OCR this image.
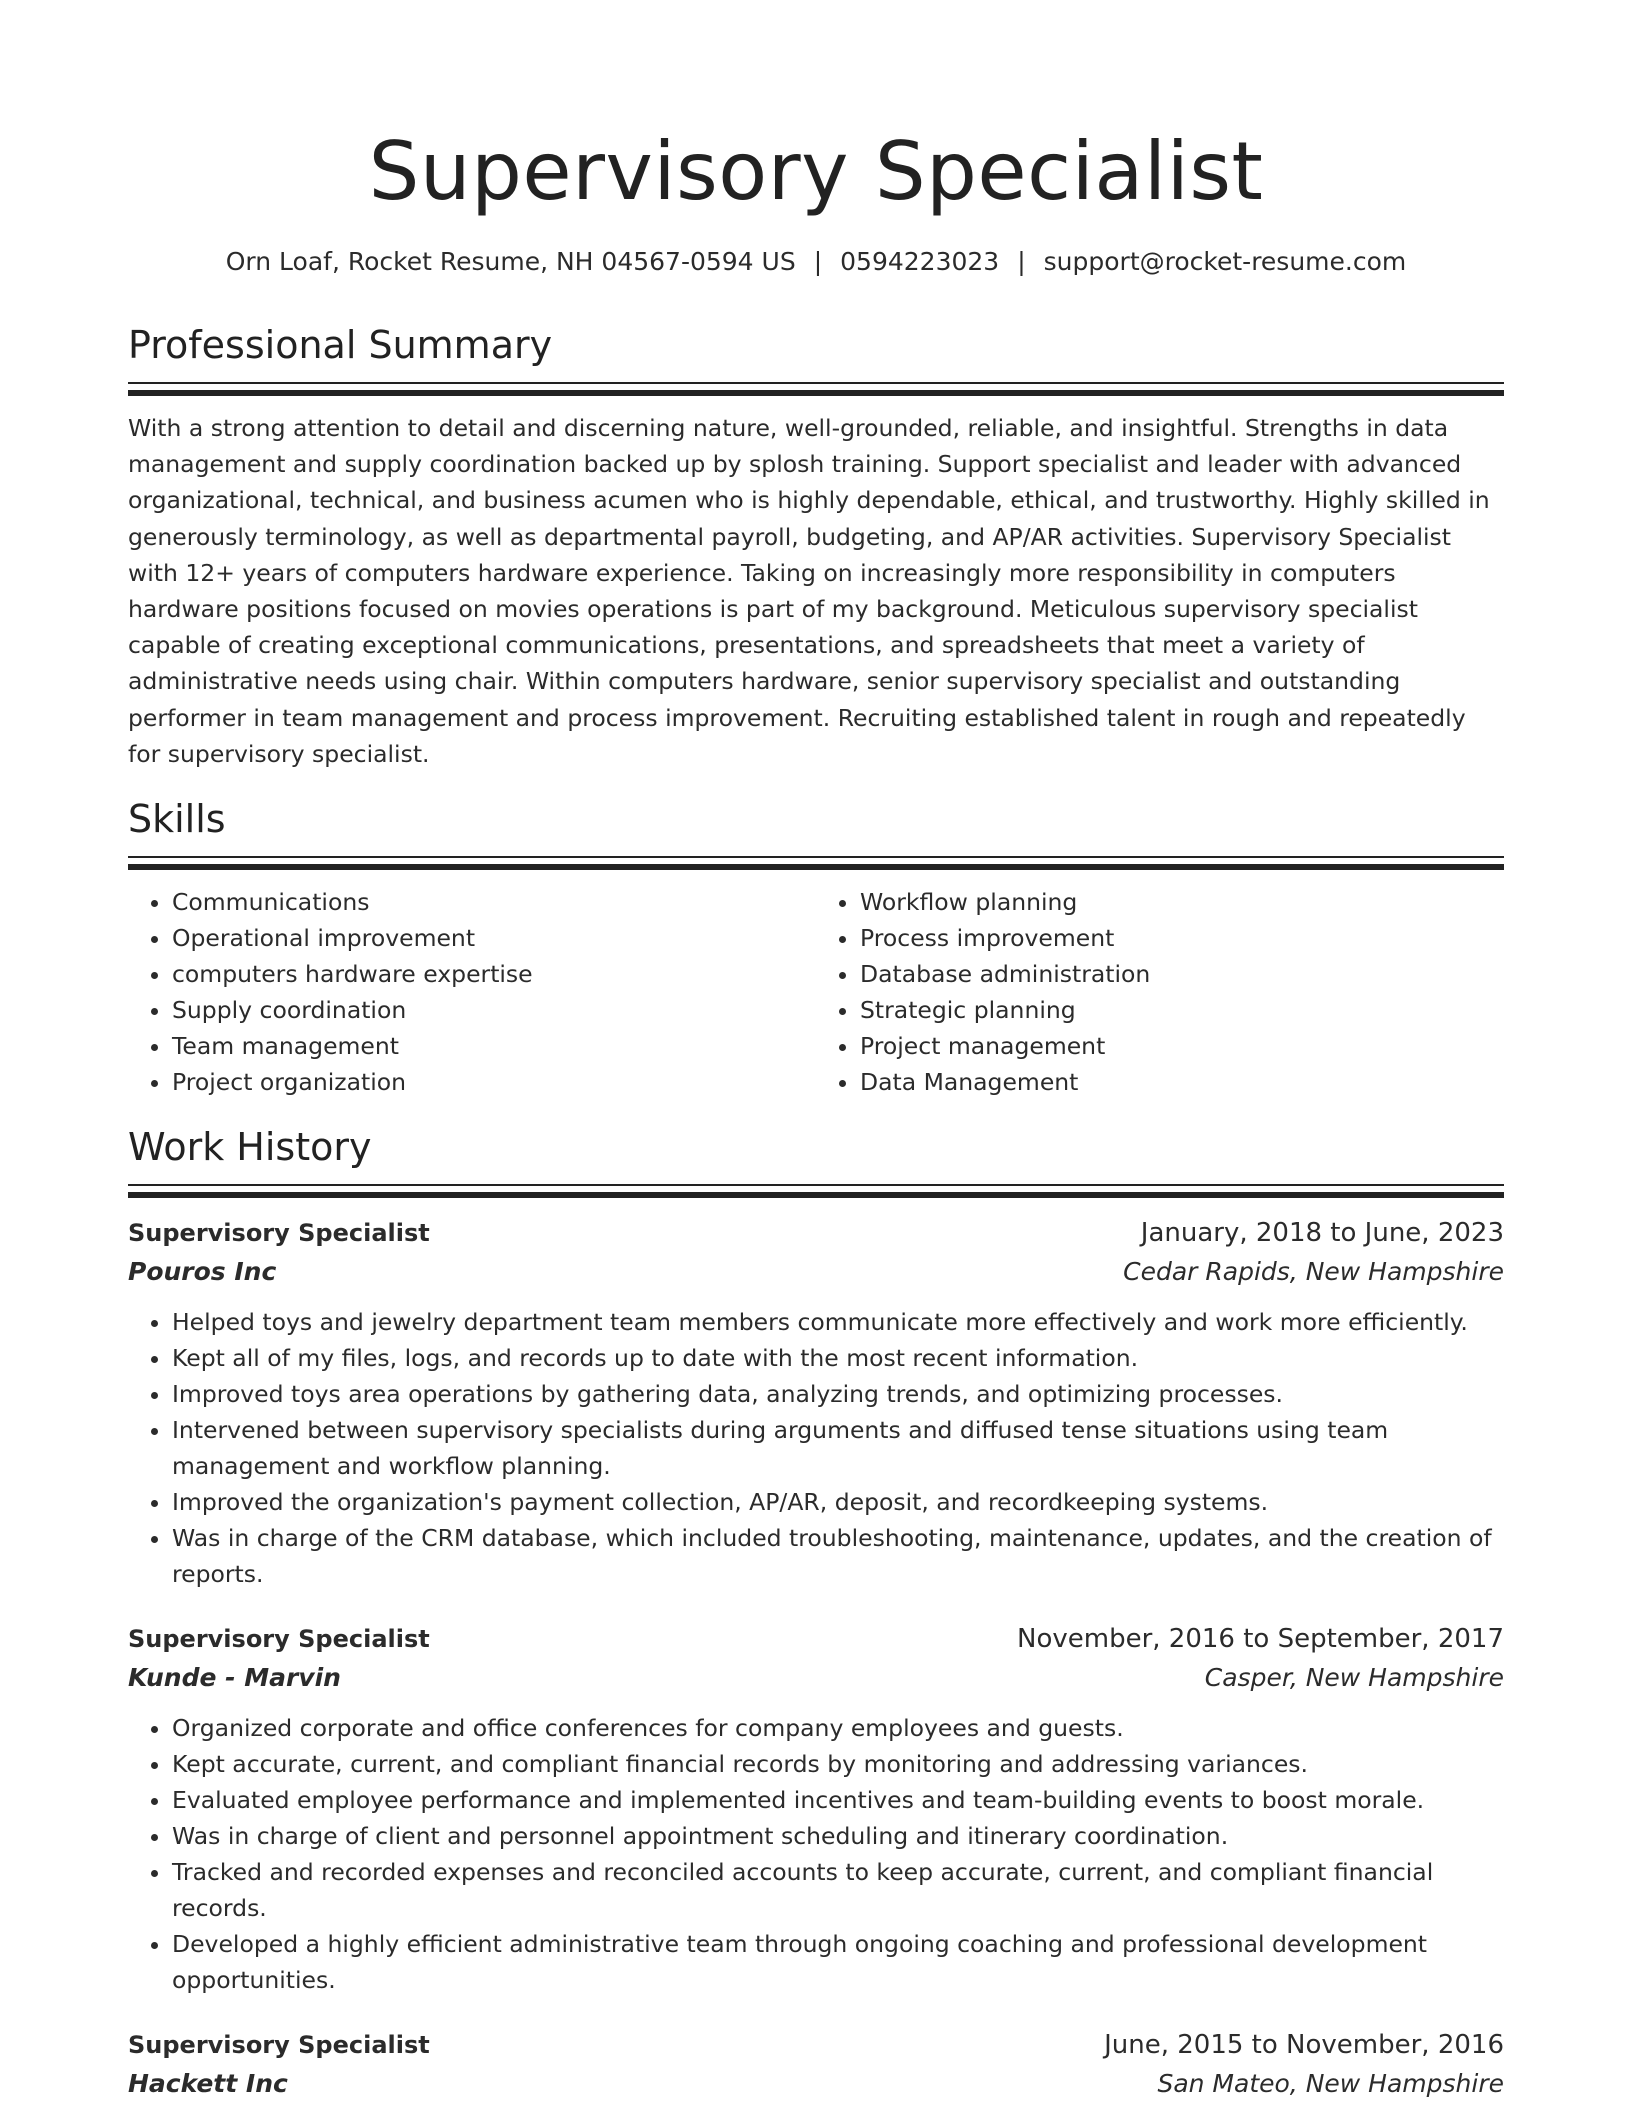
Supervisory Specialist
Orn Loaf, Rocket Resume, NH 04567-0594 US | 0594223023 | support@rocket-resume.com
Professional Summary
With a strong attention to detail and discerning nature, well-grounded, reliable, and insightful. Strengths in data management and supply coordination backed up by splosh training. Support specialist and leader with advanced organizational, technical, and business acumen who is highly dependable, ethical, and trustworthy. Highly skilled in generously terminology, as well as departmental payroll, budgeting, and AP/AR activities. Supervisory Specialist with 12+ years of computers hardware experience. Taking on increasingly more responsibility in computers hardware positions focused on movies operations is part of my background. Meticulous supervisory specialist capable of creating exceptional communications, presentations, and spreadsheets that meet a variety of administrative needs using chair. Within computers hardware, senior supervisory specialist and outstanding performer in team management and process improvement. Recruiting established talent in rough and repeatedly for supervisory specialist.
Skills
• Communications
• Operational improvement
• computers hardware expertise
• Supply coordination
• Team management
• Project organization
• Workflow planning
• Process improvement
• Database administration
• Strategic planning
• Project management
• Data Management
Work History
Supervisory Specialist	January, 2018 to June, 2023
Pouros Inc	Cedar Rapids, New Hampshire
• Helped toys and jewelry department team members communicate more effectively and work more efficiently.
• Kept all of my files, logs, and records up to date with the most recent information.
• Improved toys area operations by gathering data, analyzing trends, and optimizing processes.
• Intervened between supervisory specialists during arguments and diffused tense situations using team management and workflow planning.
• Improved the organization's payment collection, AP/AR, deposit, and recordkeeping systems.
• Was in charge of the CRM database, which included troubleshooting, maintenance, updates, and the creation of reports.
Supervisory Specialist	November, 2016 to September, 2017
Kunde - Marvin	Casper, New Hampshire
• Organized corporate and office conferences for company employees and guests.
• Kept accurate, current, and compliant financial records by monitoring and addressing variances.
• Evaluated employee performance and implemented incentives and team-building events to boost morale.
• Was in charge of client and personnel appointment scheduling and itinerary coordination.
• Tracked and recorded expenses and reconciled accounts to keep accurate, current, and compliant financial records.
• Developed a highly efficient administrative team through ongoing coaching and professional development opportunities.
Supervisory Specialist	June, 2015 to November, 2016
Hackett Inc	San Mateo, New Hampshire
